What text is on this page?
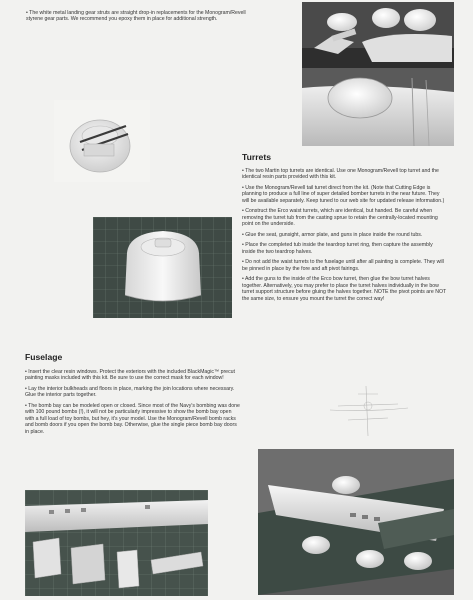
• The white metal landing gear struts are straight drop-in replacements for the Monogram/Revell styrene gear parts. We recommend you epoxy them in place for additional strength.
Turrets
• The two Martin top turrets are identical. Use one Monogram/Revell top turret and the identical resin parts provided with this kit.
• Use the Monogram/Revell tail turret direct from the kit. (Note that Cutting Edge is planning to produce a full line of super detailed bomber turrets in the near future. They will be available separately. Keep tuned to our web site for updated release information.)
• Construct the Erco waist turrets, which are identical, but handed. Be careful when removing the turret tub from the casting sprue to retain the centrally-located mounting point on the underside.
• Glue the seat, gunsight, armor plate, and guns in place inside the round tubs.
• Place the completed tub inside the teardrop turret ring, then capture the assembly inside the two teardrop halves.
• Do not add the waist turrets to the fuselage until after all painting is complete. They will be pinned in place by the fore and aft pivot fairings.
• Add the guns to the inside of the Erco bow turret, then glue the bow turret halves together. Alternatively, you may prefer to place the turret halves individually in the bow turret support structure before gluing the halves together. NOTE the pivot points are NOT the same size, to ensure you mount the turret the correct way!
Fuselage
• Insert the clear resin windows. Protect the exteriors with the included BlackMagic™ precut painting masks included with this kit. Be sure to use the correct mask for each window!
• Lay the interior bulkheads and floors in place, marking the join locations where necessary. Glue the interior parts together.
• The bomb bay can be modeled open or closed. Since most of the Navy's bombing was done with 100 pound bombs (!), it will not be particularly impressive to show the bomb bay open with a full load of toy bombs, but hey, it's your model. Use the Monogram/Revell bomb racks and bomb doors if you open the bomb bay. Otherwise, glue the single piece bomb bay doors in place.
